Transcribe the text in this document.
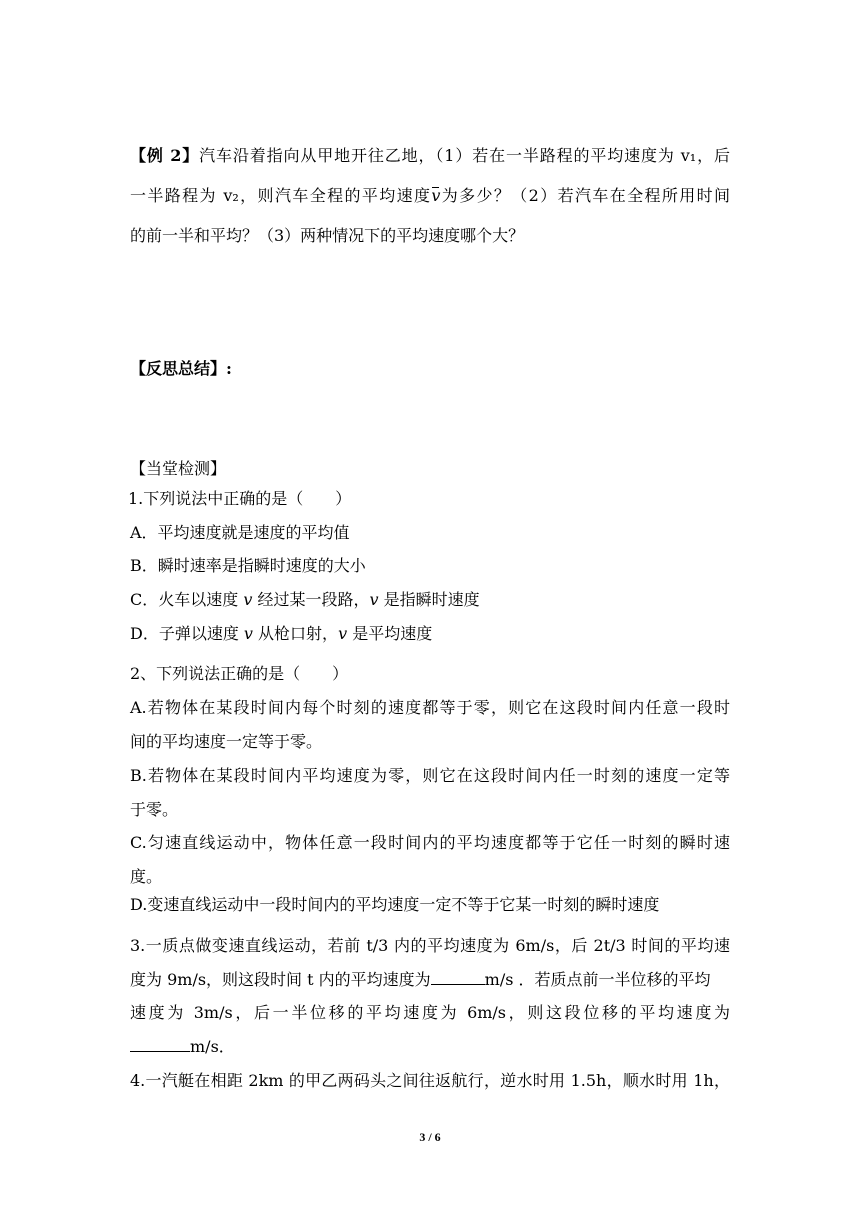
【例 2】汽车沿着指向从甲地开往乙地，（1）若在一半路程的平均速度为 v₁，后
一半路程为 v₂，则汽车全程的平均速度v为多少？（2）若汽车在全程所用时间
的前一半和平均？（3）两种情况下的平均速度哪个大？
【反思总结】:
【当堂检测】
1.下列说法中正确的是（　　）
A．平均速度就是速度的平均值
B．瞬时速率是指瞬时速度的大小
C．火车以速度 v 经过某一段路，v 是指瞬时速度
D．子弹以速度 v 从枪口射，v 是平均速度
2、下列说法正确的是（　　）
A.若物体在某段时间内每个时刻的速度都等于零，则它在这段时间内任意一段时
间的平均速度一定等于零。
B.若物体在某段时间内平均速度为零，则它在这段时间内任一时刻的速度一定等
于零。
C.匀速直线运动中，物体任意一段时间内的平均速度都等于它任一时刻的瞬时速
度。
D.变速直线运动中一段时间内的平均速度一定不等于它某一时刻的瞬时速度
3.一质点做变速直线运动，若前 t/3 内的平均速度为 6m/s，后 2t/3 时间的平均速
度为 9m/s，则这段时间 t 内的平均速度为	m/s ．若质点前一半位移的平均
速度为 3m/s，后一半位移的平均速度为 6m/s，则这段位移的平均速度为
m/s．
4.一汽艇在相距 2km 的甲乙两码头之间往返航行，逆水时用 1.5h，顺水时用 1h，
3 / 6
